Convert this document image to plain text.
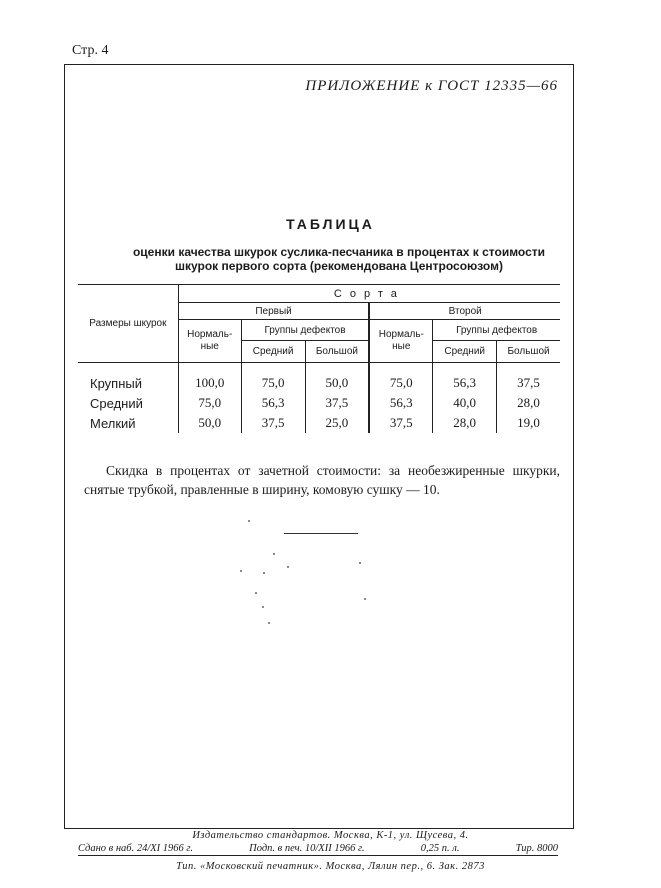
Стр. 4
ПРИЛОЖЕНИЕ к ГОСТ 12335—66
ТАБЛИЦА
оценки качества шкурок суслика-песчаника в процентах к стоимости
шкурок первого сорта (рекомендована Центросоюзом)
Размеры шкурок	Сорта					
	Первый			Второй		
	Нормаль-ные	Группы дефектов		Нормаль-ные	Группы дефектов	
		Средний	Большой		Средний	Большой
Крупный	100,0	75,0	50,0	75,0	56,3	37,5
Средний	75,0	56,3	37,5	56,3	40,0	28,0
Мелкий	50,0	37,5	25,0	37,5	28,0	19,0
Скидка в процентах от зачетной стоимости: за необезжиренные шкурки, снятые трубкой, правленные в ширину, комовую сушку — 10.
Издательство стандартов. Москва, К-1, ул. Щусева, 4.
Сдано в наб. 24/XI 1966 г.	Подп. в печ. 10/XII 1966 г.	0,25 п. л.	Тир. 8000
Тип. «Московский печатник». Москва, Лялин пер., 6. Зак. 2873
